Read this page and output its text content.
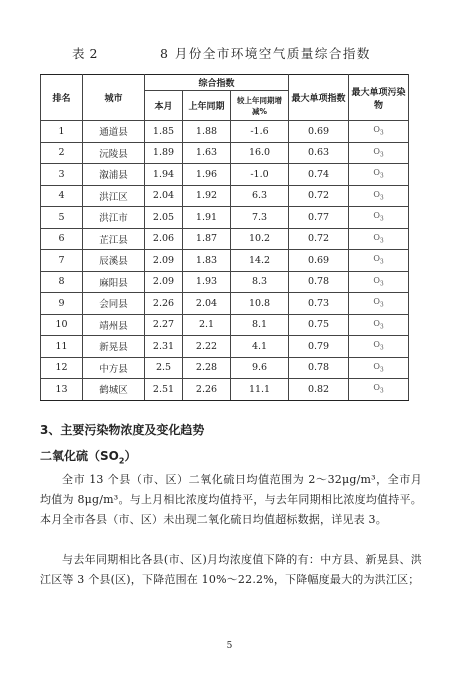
表 2	8 月份全市环境空气质量综合指数
排名	城市	综合指数			最大单项指数	最大单项污染物
		本月	上年同期	较上年同期增减%		
1	通道县	1.85	1.88	-1.6	0.69	$O_3$
2	沅陵县	1.89	1.63	16.0	0.63	$O_3$
3	溆浦县	1.94	1.96	-1.0	0.74	$O_3$
4	洪江区	2.04	1.92	6.3	0.72	$O_3$
5	洪江市	2.05	1.91	7.3	0.77	$O_3$
6	芷江县	2.06	1.87	10.2	0.72	$O_3$
7	辰溪县	2.09	1.83	14.2	0.69	$O_3$
8	麻阳县	2.09	1.93	8.3	0.78	$O_3$
9	会同县	2.26	2.04	10.8	0.73	$O_3$
10	靖州县	2.27	2.1	8.1	0.75	$O_3$
11	新晃县	2.31	2.22	4.1	0.79	$O_3$
12	中方县	2.5	2.28	9.6	0.78	$O_3$
13	鹤城区	2.51	2.26	11.1	0.82	$O_3$
3、主要污染物浓度及变化趋势
二氧化硫$(SO_2)$
全市 13 个县（市、区）二氧化硫日均值范围为 2～32μg/m³，全市月均值为 8μg/m³。与上月相比浓度均值持平，与去年同期相比浓度均值持平。本月全市各县（市、区）未出现二氧化硫日均值超标数据，详见表 3。
与去年同期相比各县(市、区)月均浓度值下降的有：中方县、新晃县、洪江区等 3 个县(区)，下降范围在 10%～22.2%，下降幅度最大的为洪江区；
5
